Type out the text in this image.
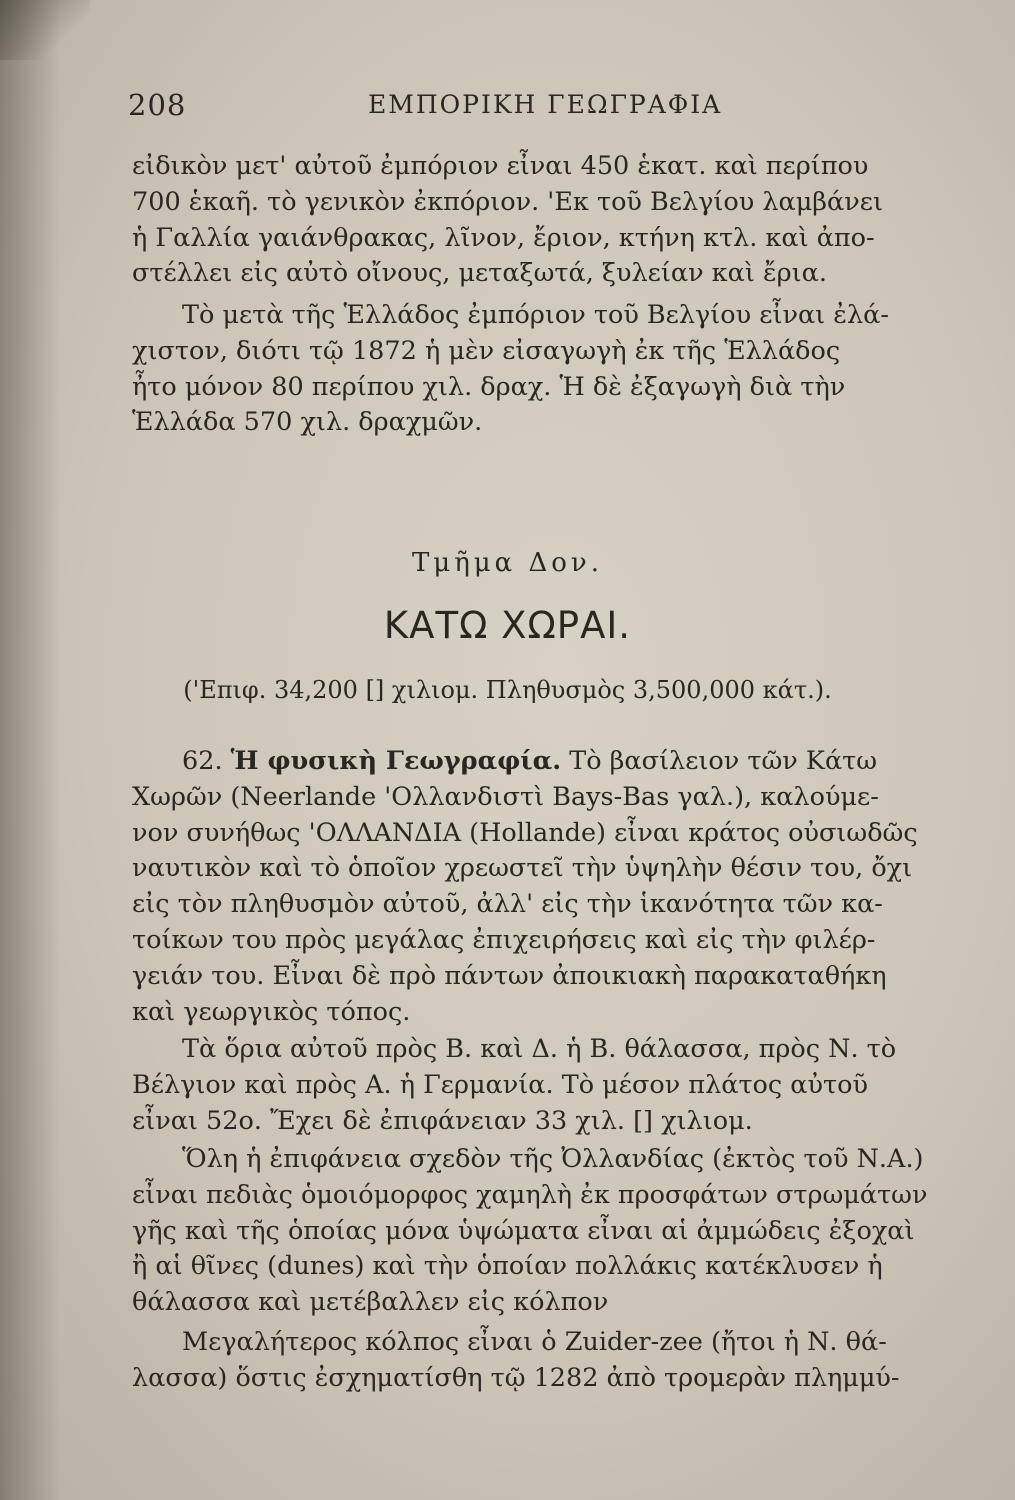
208	ΕΜΠΟΡΙΚΗ ΓΕΩΓΡΑΦΙΑ
εἰδικὸν μετ' αὐτοῦ ἐμπόριον εἶναι 450 ἑκατ. καὶ περίπου
700 ἑκαῆ. τὸ γενικὸν ἐκπόριον. 'Εκ τοῦ Βελγίου λαμβάνει
ἡ Γαλλία γαιάνθρακας, λῖνον, ἔριον, κτήνη κτλ. καὶ ἀπο-
στέλλει εἰς αὐτὸ οἴνους, μεταξωτά, ξυλείαν καὶ ἔρια.
Τὸ μετὰ τῆς Ἑλλάδος ἐμπόριον τοῦ Βελγίου εἶναι ἐλά-
χιστον, διότι τῷ 1872 ἡ μὲν εἰσαγωγὴ ἐκ τῆς Ἑλλάδος
ἦτο μόνον 80 περίπου χιλ. δραχ. Ἡ δὲ ἐξαγωγὴ διὰ τὴν
Ἑλλάδα 570 χιλ. δραχμῶν.
Τμῆμα Δον.
ΚΑΤΩ ΧΩΡΑΙ.
('Επιφ. 34,200 [] χιλιομ. Πληθυσμὸς 3,500,000 κάτ.).
62. Ἡ φυσικὴ Γεωγραφία. Τὸ βασίλειον τῶν Κάτω
Χωρῶν (Neerlande 'Ολλανδιστὶ Bays-Bas γαλ.), καλούμε-
νον συνήθως 'ΟΛΛΑΝΔΙΑ (Hollande) εἶναι κράτος οὐσιωδῶς
ναυτικὸν καὶ τὸ ὁποῖον χρεωστεῖ τὴν ὑψηλὴν θέσιν του, ὄχι
εἰς τὸν πληθυσμὸν αὐτοῦ, ἀλλ' εἰς τὴν ἱκανότητα τῶν κα-
τοίκων του πρὸς μεγάλας ἐπιχειρήσεις καὶ εἰς τὴν φιλέρ-
γειάν του. Εἶναι δὲ πρὸ πάντων ἀποικιακὴ παρακαταθήκη
καὶ γεωργικὸς τόπος.
Τὰ ὅρια αὐτοῦ πρὸς Β. καὶ Δ. ἡ Β. θάλασσα, πρὸς Ν. τὸ
Βέλγιον καὶ πρὸς Α. ἡ Γερμανία. Τὸ μέσον πλάτος αὐτοῦ
εἶναι 52ο. Ἔχει δὲ ἐπιφάνειαν 33 χιλ. [] χιλιομ.
Ὅλη ἡ ἐπιφάνεια σχεδὸν τῆς Ὀλλανδίας (ἐκτὸς τοῦ Ν.Α.)
εἶναι πεδιὰς ὁμοιόμορφος χαμηλὴ ἐκ προσφάτων στρωμάτων
γῆς καὶ τῆς ὁποίας μόνα ὑψώματα εἶναι αἱ ἀμμώδεις ἐξοχαὶ
ἢ αἱ θῖνες (dunes) καὶ τὴν ὁποίαν πολλάκις κατέκλυσεν ἡ
θάλασσα καὶ μετέβαλλεν εἰς κόλπον
Μεγαλήτερος κόλπος εἶναι ὁ Zuider-zee (ἤτοι ἡ Ν. θά-
λασσα) ὅστις ἐσχηματίσθη τῷ 1282 ἀπὸ τρομερὰν πλημμύ-
